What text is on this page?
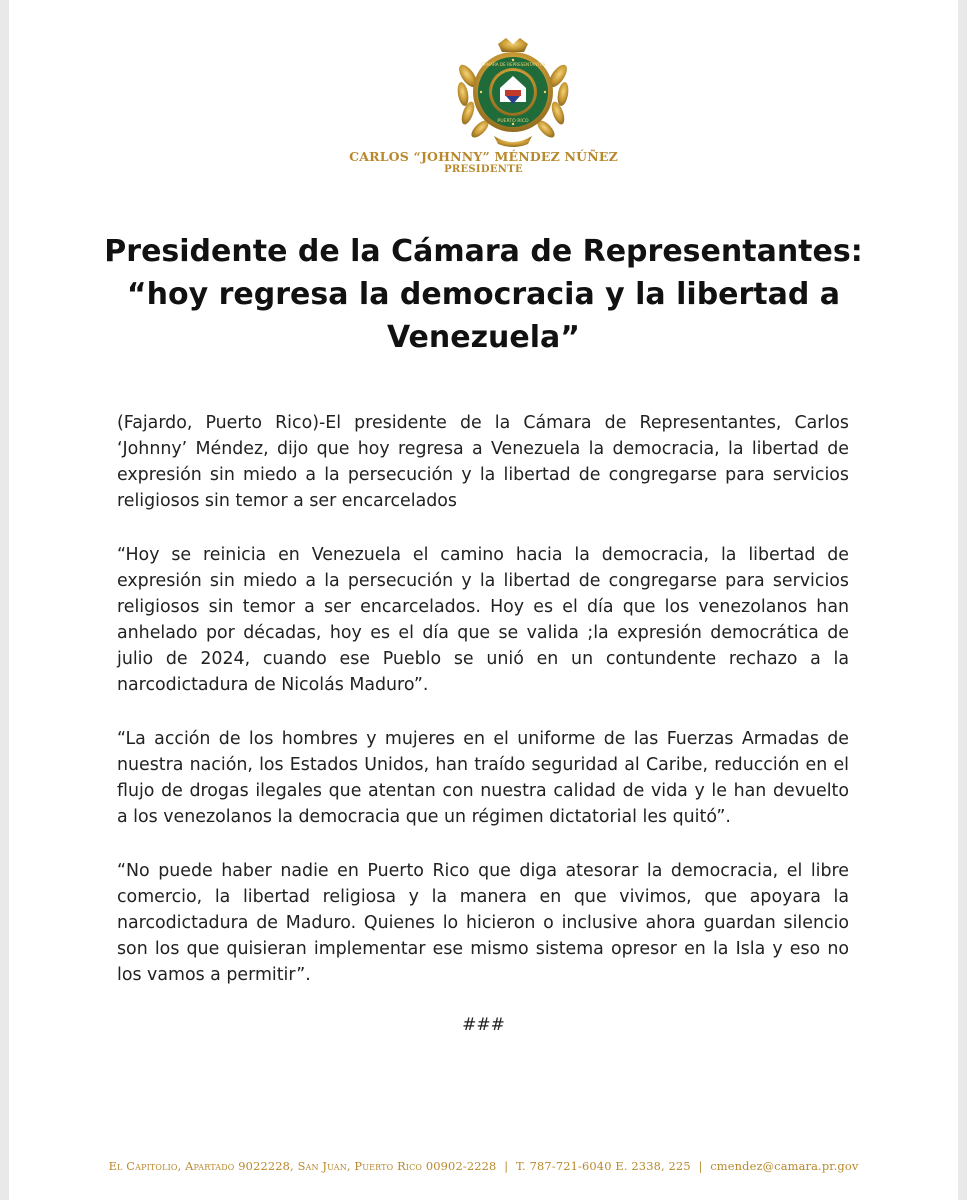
CÁMARA DE REPRESENTANTES
PUERTO RICO
CARLOS “JOHNNY” MÉNDEZ NÚÑEZ
PRESIDENTE
Presidente de la Cámara de Representantes:
“hoy regresa la democracia y la libertad a
Venezuela”

(Fajardo, Puerto Rico)-El presidente de la Cámara de Representantes, Carlos ‘Johnny’ Méndez, dijo que hoy regresa a Venezuela la democracia, la libertad de expresión sin miedo a la persecución y la libertad de congregarse para servicios religiosos sin temor a ser encarcelados

“Hoy se reinicia en Venezuela el camino hacia la democracia, la libertad de expresión sin miedo a la persecución y la libertad de congregarse para servicios religiosos sin temor a ser encarcelados. Hoy es el día que los venezolanos han anhelado por décadas, hoy es el día que se valida ;la expresión democrática de julio de 2024, cuando ese Pueblo se unió en un contundente rechazo a la narcodictadura de Nicolás Maduro”.

“La acción de los hombres y mujeres en el uniforme de las Fuerzas Armadas de nuestra nación, los Estados Unidos, han traído seguridad al Caribe, reducción en el flujo de drogas ilegales que atentan con nuestra calidad de vida y le han devuelto a los venezolanos la democracia que un régimen dictatorial les quitó”.

“No puede haber nadie en Puerto Rico que diga atesorar la democracia, el libre comercio, la libertad religiosa y la manera en que vivimos, que apoyara la narcodictadura de Maduro. Quienes lo hicieron o inclusive ahora guardan silencio son los que quisieran implementar ese mismo sistema opresor en la Isla y eso no los vamos a permitir”.

###
El Capitolio, Apartado 9022228, San Juan, Puerto Rico 00902-2228 | T. 787-721-6040 E. 2338, 225 | cmendez@camara.pr.gov
